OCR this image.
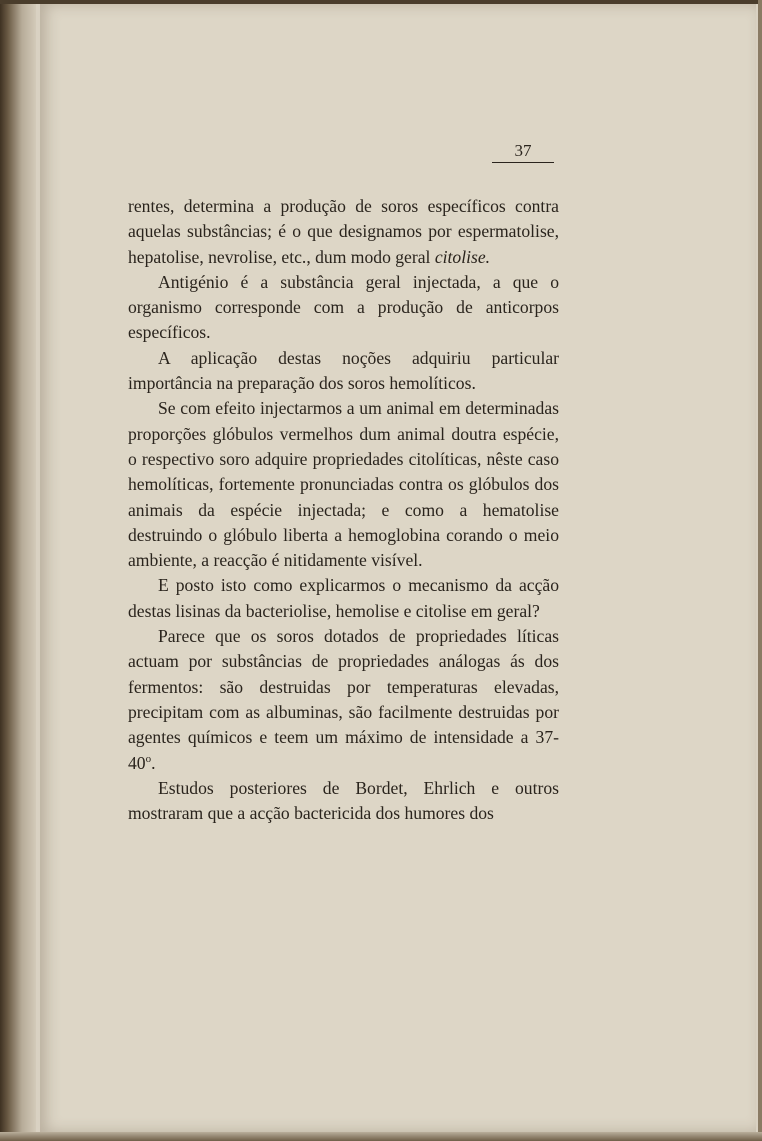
37

rentes, determina a produção de soros específicos contra aquelas substâncias; é o que designamos por espermatolise, hepatolise, nevrolise, etc., dum modo geral citolise.

Antigénio é a substância geral injectada, a que o organismo corresponde com a produção de anticorpos específicos.

A aplicação destas noções adquiriu particular importância na preparação dos soros hemolíticos.

Se com efeito injectarmos a um animal em determinadas proporções glóbulos vermelhos dum animal doutra espécie, o respectivo soro adquire propriedades citolíticas, nêste caso hemolíticas, fortemente pronunciadas contra os glóbulos dos animais da espécie injectada; e como a hematolise destruindo o glóbulo liberta a hemoglobina corando o meio ambiente, a reacção é nitidamente visível.

E posto isto como explicarmos o mecanismo da acção destas lisinas da bacteriolise, hemolise e citolise em geral?

Parece que os soros dotados de propriedades líticas actuam por substâncias de propriedades análogas ás dos fermentos: são destruidas por temperaturas elevadas, precipitam com as albuminas, são facilmente destruidas por agentes químicos e teem um máximo de intensidade a 37-40$^o$.

Estudos posteriores de Bordet, Ehrlich e outros mostraram que a acção bactericida dos humores dos
